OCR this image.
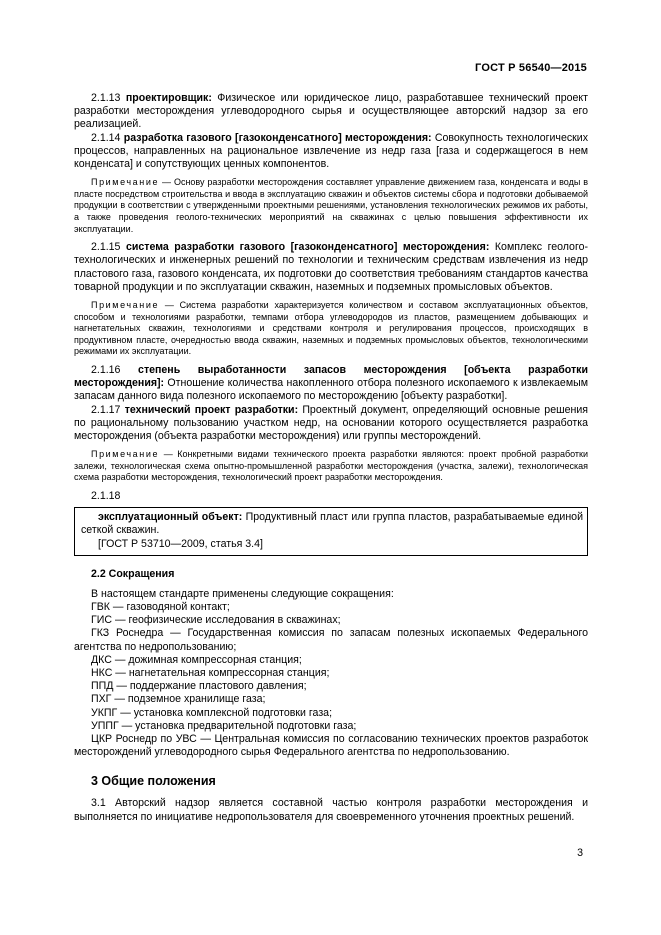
ГОСТ Р 56540—2015

2.1.13 проектировщик: Физическое или юридическое лицо, разработавшее технический проект разработки месторождения углеводородного сырья и осуществляющее авторский надзор за его реализацией.

2.1.14 разработка газового [газоконденсатного] месторождения: Совокупность технологических процессов, направленных на рациональное извлечение из недр газа [газа и содержащегося в нем конденсата] и сопутствующих ценных компонентов.

Примечание — Основу разработки месторождения составляет управление движением газа, конденсата и воды в пласте посредством строительства и ввода в эксплуатацию скважин и объектов системы сбора и подготовки добываемой продукции в соответствии с утвержденными проектными решениями, установления технологических режимов их работы, а также проведения геолого-технических мероприятий на скважинах с целью повышения эффективности их эксплуатации.

2.1.15 система разработки газового [газоконденсатного] месторождения: Комплекс геолого-технологических и инженерных решений по технологии и техническим средствам извлечения из недр пластового газа, газового конденсата, их подготовки до соответствия требованиям стандартов качества товарной продукции и по эксплуатации скважин, наземных и подземных промысловых объектов.

Примечание — Система разработки характеризуется количеством и составом эксплуатационных объектов, способом и технологиями разработки, темпами отбора углеводородов из пластов, размещением добывающих и нагнетательных скважин, технологиями и средствами контроля и регулирования процессов, происходящих в продуктивном пласте, очередностью ввода скважин, наземных и подземных промысловых объектов, технологическими режимами их эксплуатации.

2.1.16 степень выработанности запасов месторождения [объекта разработки месторождения]: Отношение количества накопленного отбора полезного ископаемого к извлекаемым запасам данного вида полезного ископаемого по месторождению [объекту разработки].

2.1.17 технический проект разработки: Проектный документ, определяющий основные решения по рациональному пользованию участком недр, на основании которого осуществляется разработка месторождения (объекта разработки месторождения) или группы месторождений.

Примечание — Конкретными видами технического проекта разработки являются: проект пробной разработки залежи, технологическая схема опытно-промышленной разработки месторождения (участка, залежи), технологическая схема разработки месторождения, технологический проект разработки месторождения.

2.1.18

эксплуатационный объект: Продуктивный пласт или группа пластов, разрабатываемые единой сеткой скважин.

[ГОСТ Р 53710—2009, статья 3.4]

2.2 Сокращения

В настоящем стандарте применены следующие сокращения:

ГВК — газоводяной контакт;

ГИС — геофизические исследования в скважинах;

ГКЗ Роснедра — Государственная комиссия по запасам полезных ископаемых Федерального агентства по недропользованию;

ДКС — дожимная компрессорная станция;

НКС — нагнетательная компрессорная станция;

ППД — поддержание пластового давления;

ПХГ — подземное хранилище газа;

УКПГ — установка комплексной подготовки газа;

УППГ — установка предварительной подготовки газа;

ЦКР Роснедр по УВС — Центральная комиссия по согласованию технических проектов разработок месторождений углеводородного сырья Федерального агентства по недропользованию.

3 Общие положения

3.1 Авторский надзор является составной частью контроля разработки месторождения и выполняется по инициативе недропользователя для своевременного уточнения проектных решений.

3
